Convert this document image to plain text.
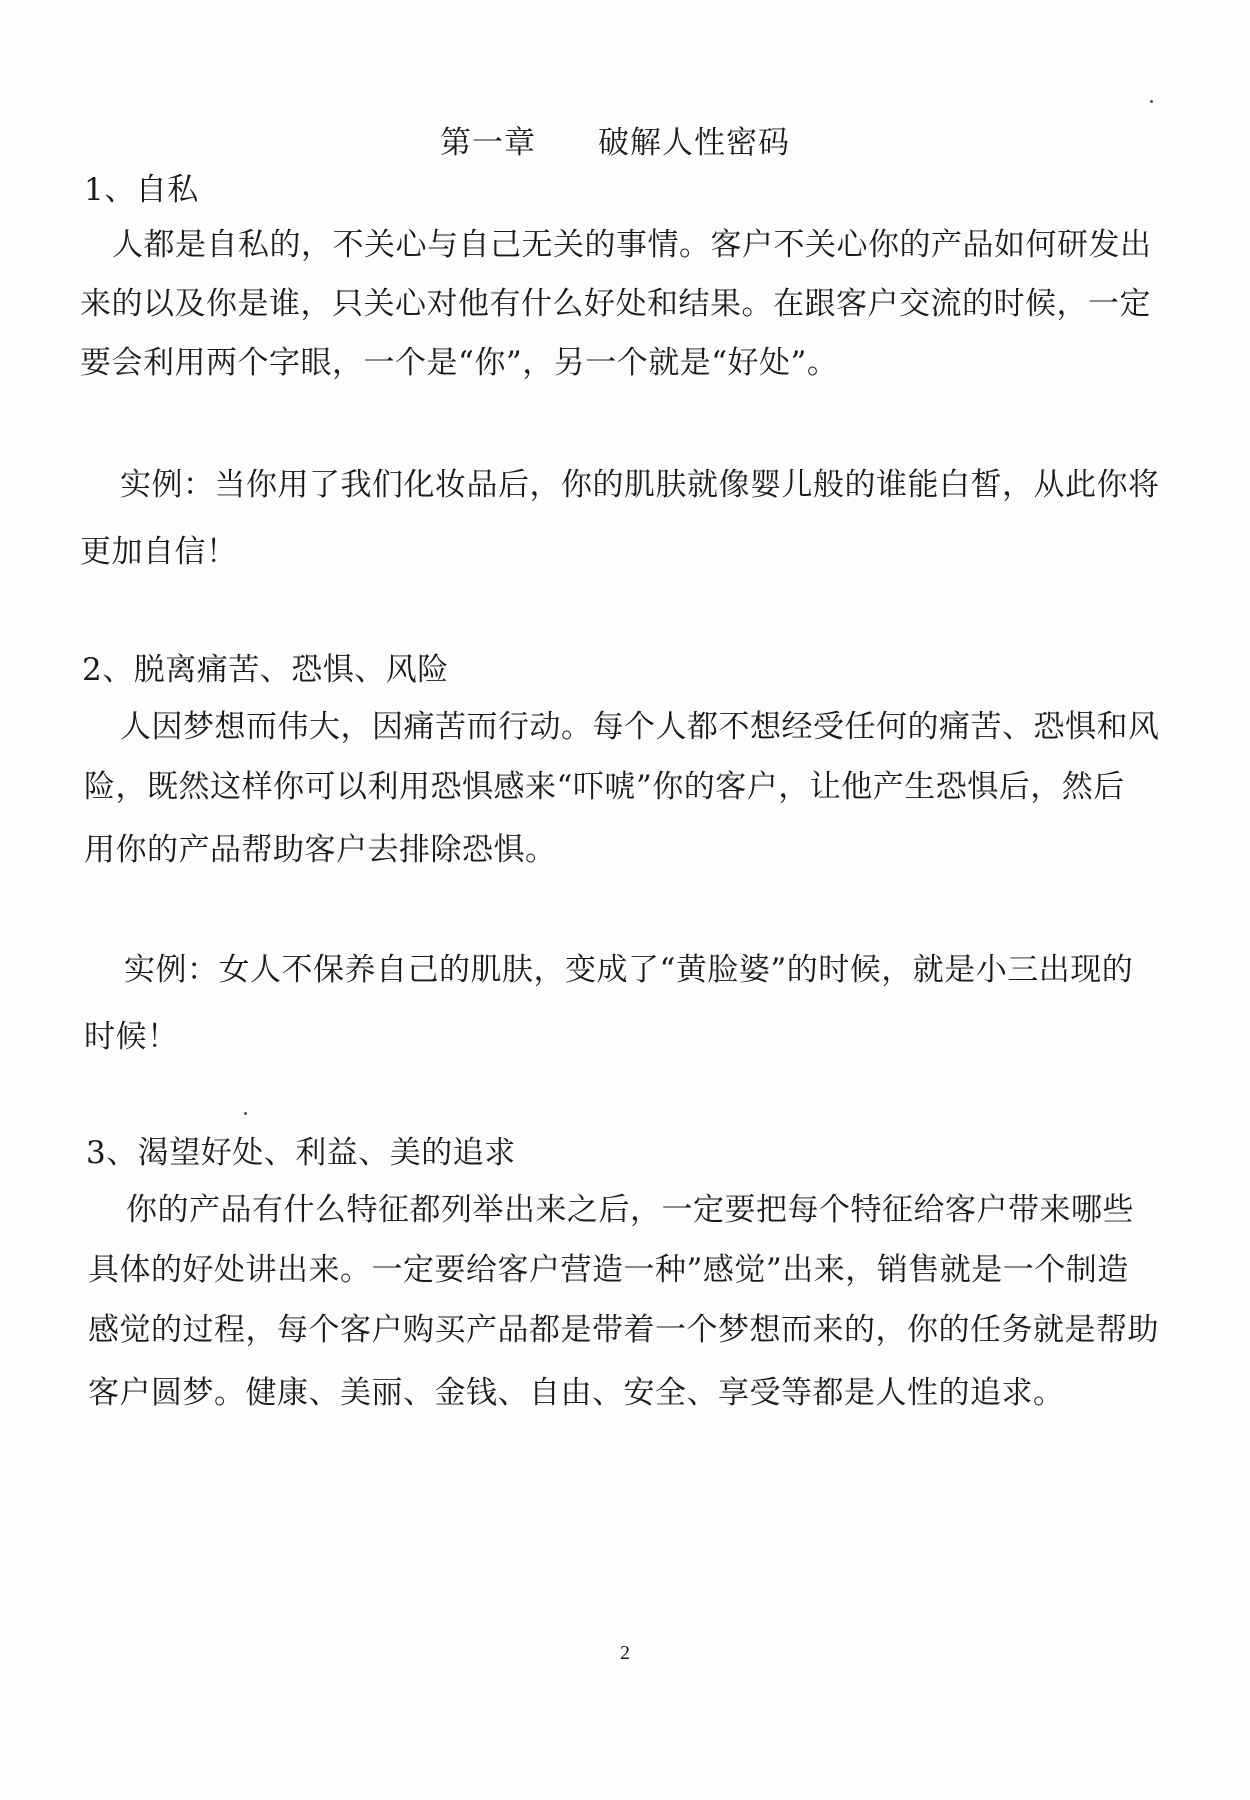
第一章 破解人性密码
1、自私
人都是自私的，不关心与自己无关的事情。客户不关心你的产品如何研发出
来的以及你是谁，只关心对他有什么好处和结果。在跟客户交流的时候，一定
要会利用两个字眼，一个是“你”，另一个就是“好处”。
实例：当你用了我们化妆品后，你的肌肤就像婴儿般的谁能白皙，从此你将
更加自信！
2、脱离痛苦、恐惧、风险
人因梦想而伟大，因痛苦而行动。每个人都不想经受任何的痛苦、恐惧和风
险，既然这样你可以利用恐惧感来“吓唬”你的客户，让他产生恐惧后，然后
用你的产品帮助客户去排除恐惧。
实例：女人不保养自己的肌肤，变成了“黄脸婆”的时候，就是小三出现的
时候！
3、渴望好处、利益、美的追求
你的产品有什么特征都列举出来之后，一定要把每个特征给客户带来哪些
具体的好处讲出来。一定要给客户营造一种”感觉”出来，销售就是一个制造
感觉的过程，每个客户购买产品都是带着一个梦想而来的，你的任务就是帮助
客户圆梦。健康、美丽、金钱、自由、安全、享受等都是人性的追求。
2
